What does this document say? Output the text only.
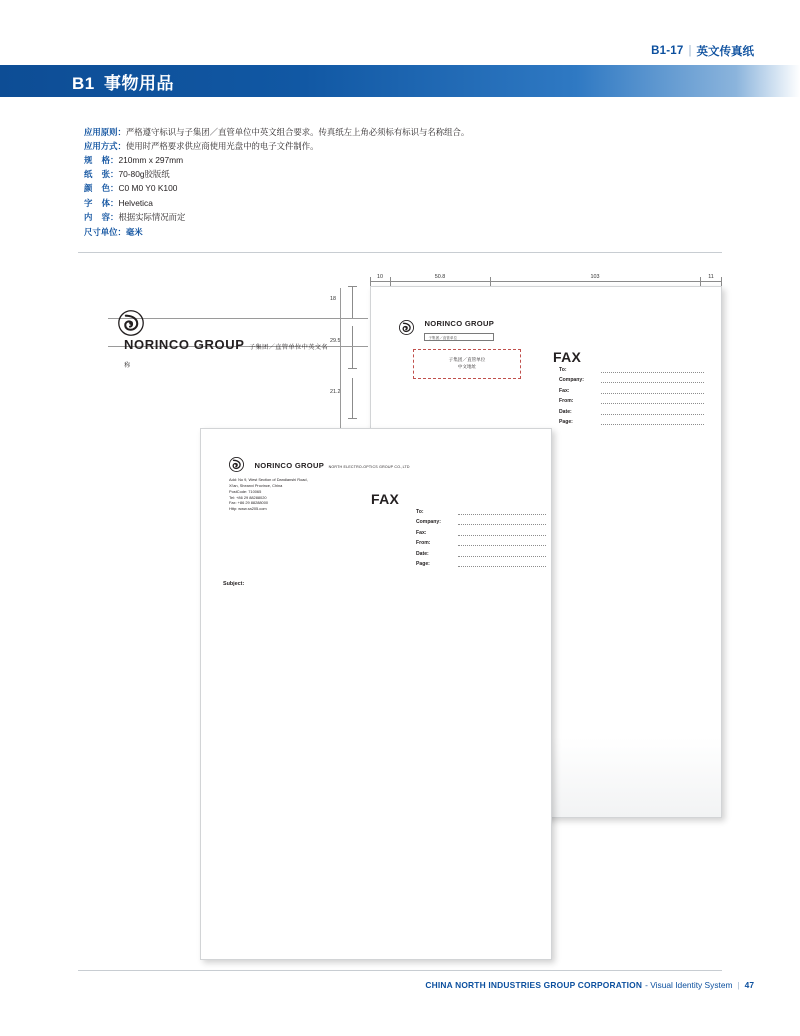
B1-17 | 英文传真纸
B1 事物用品
应用原则： 严格遵守标识与子集团／直管单位中英文组合要求。传真纸左上角必须标有标识与名称组合。
应用方式： 使用时严格要求供应商使用光盘中的电子文件制作。
规    格： 210mm x 297mm
纸    张： 70-80g胶版纸
颜    色： C0 M0 Y0 K100
字    体： Helvetica
内    容： 根据实际情况而定
尺寸单位：毫米
10	50.8	103	11
18
29.5
21.2
NORINCO GROUP 子集团／直管单位中英文名称
NORINCO GROUP
子集团／直管单位
子集团／直管单位
中文地址
FAX
To:
Company:
Fax:
From:
Date:
Page:
NORINCO GROUP NORTH ELECTRO-OPTICS GROUP CO.,LTD
Add: No 9, West Section of Dandianshi Road,
Xi'an, Sheanxi Province, China
PostCode: 710065
Tel: +86 29 88288020
Fax: +86 29 88288000
Http: www.xa205.com
FAX
To:
Company:
Fax:
From:
Date:
Page:
Subject:
CHINA NORTH INDUSTRIES GROUP CORPORATION - Visual Identity System | 47
